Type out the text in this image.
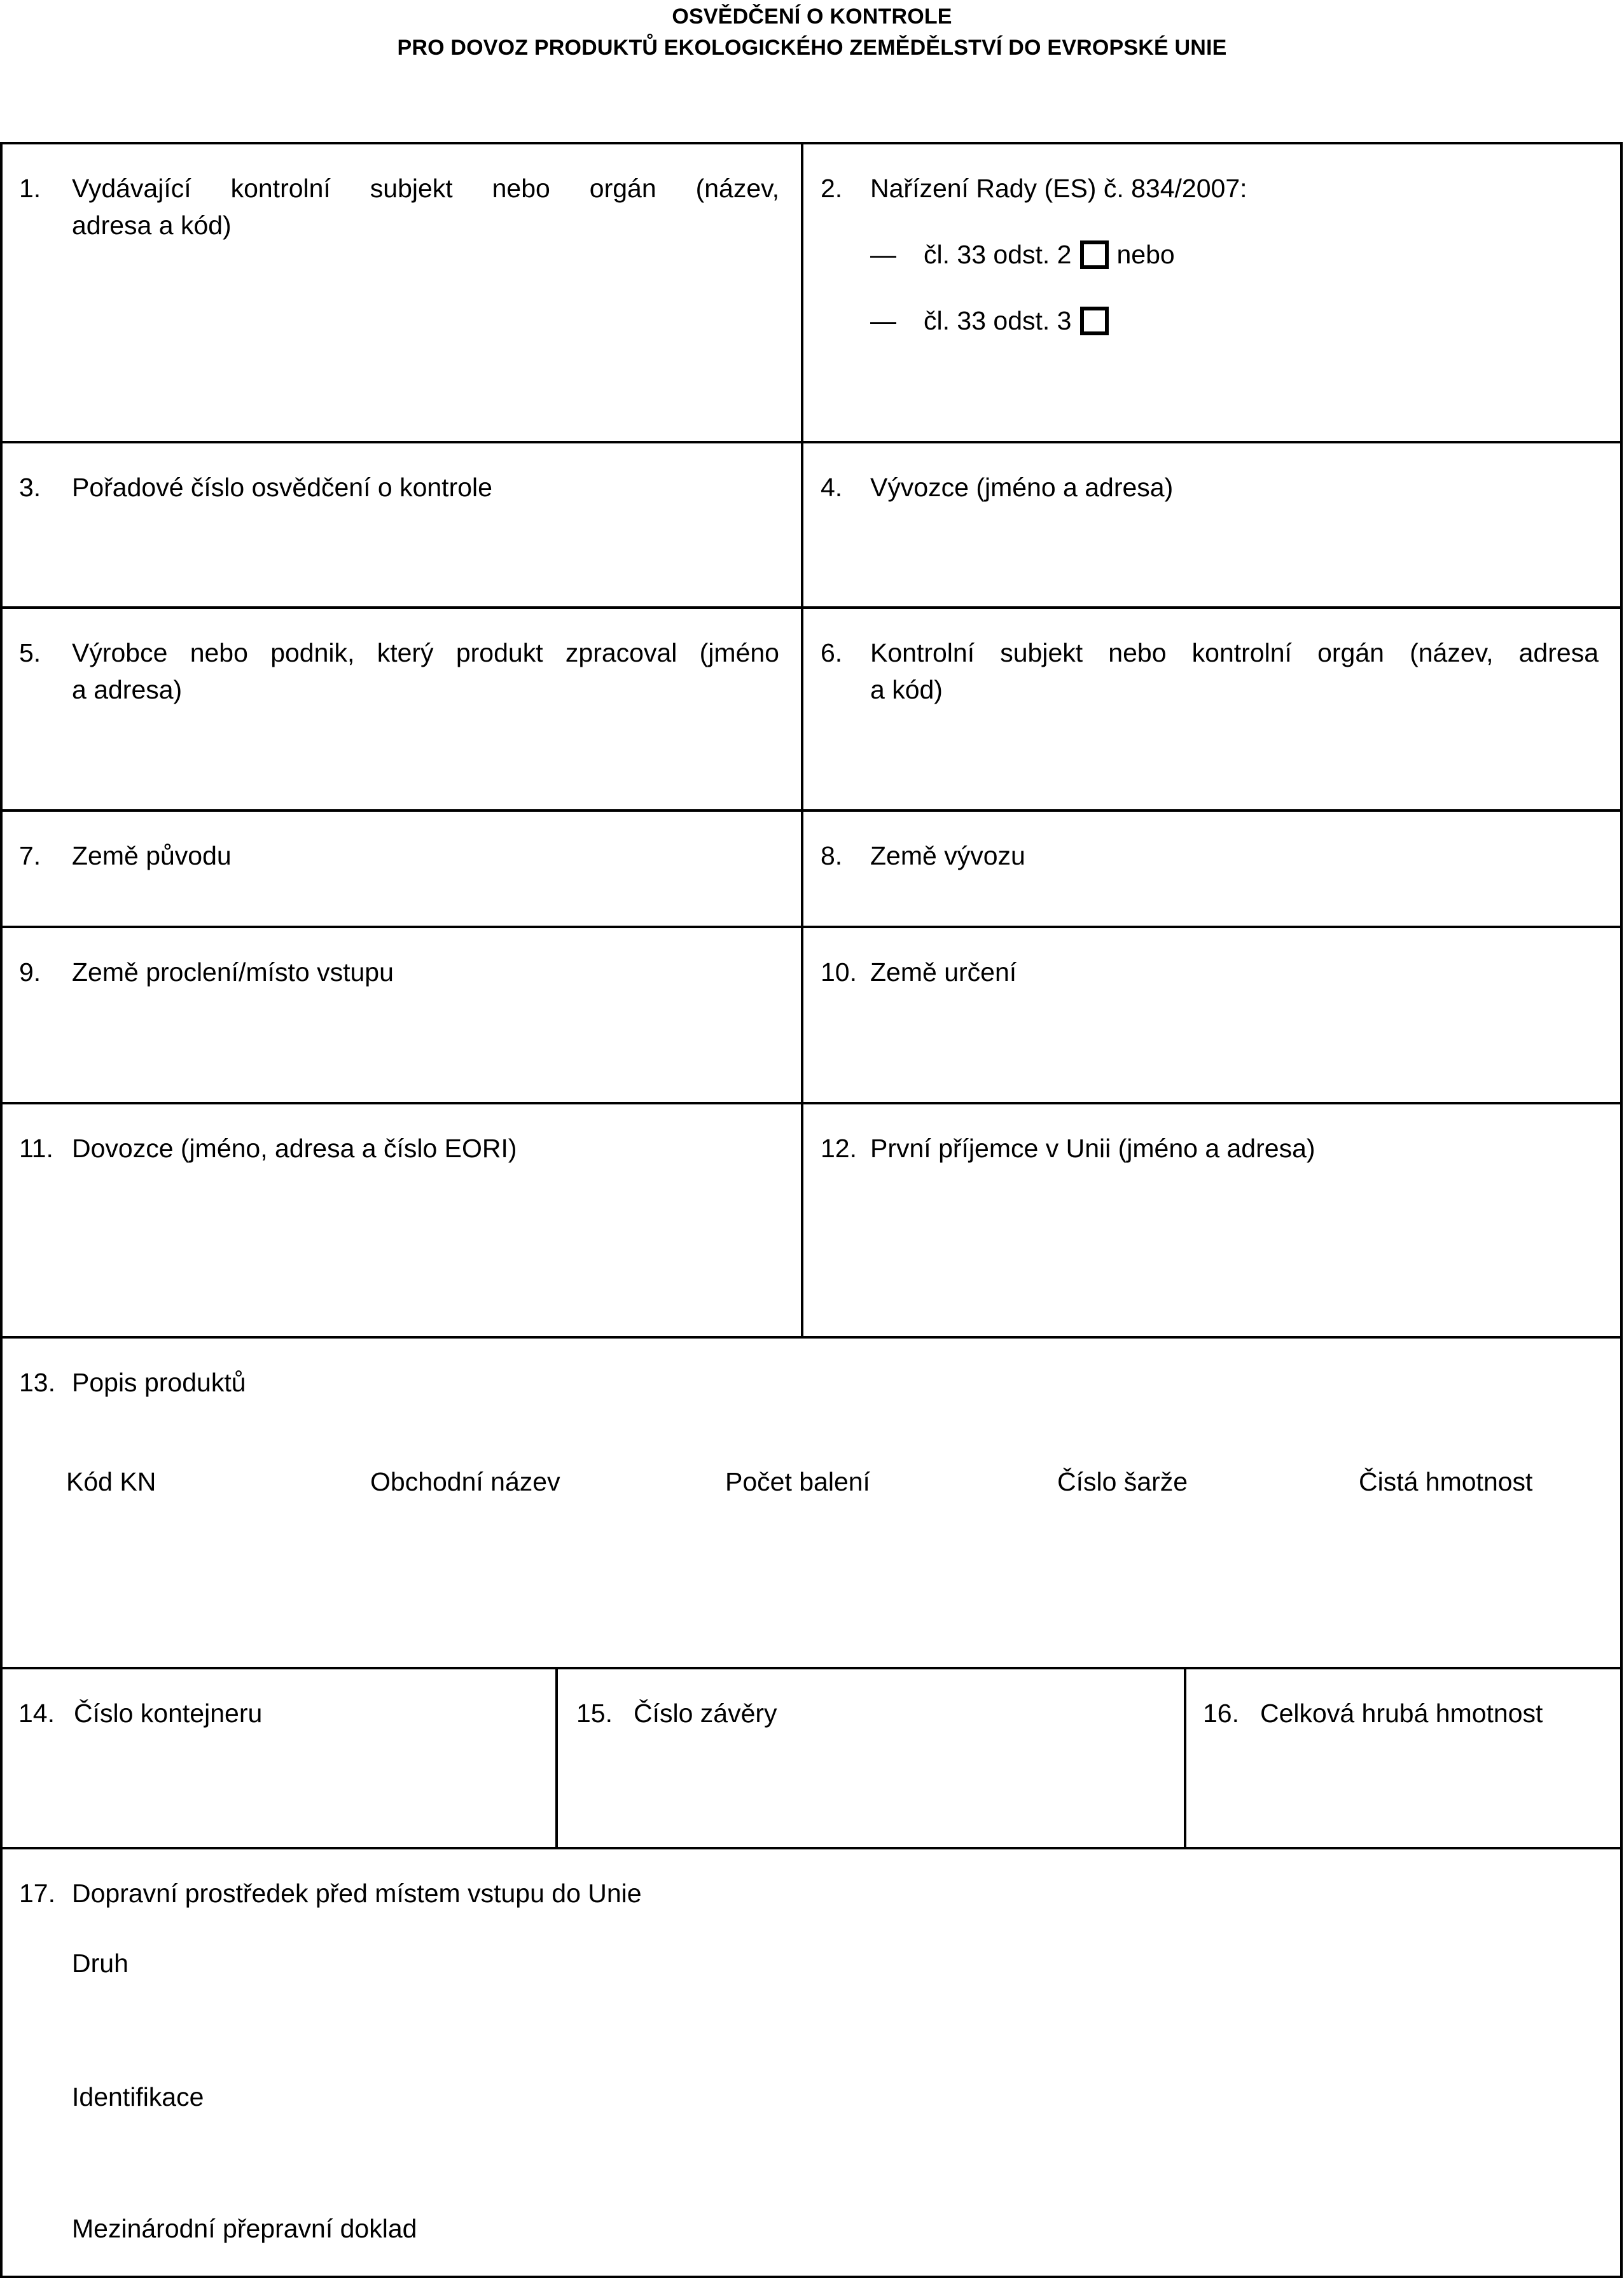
OSVĚDČENÍ O KONTROLE
PRO DOVOZ PRODUKTŮ EKOLOGICKÉHO ZEMĚDĚLSTVÍ DO EVROPSKÉ UNIE
1. Vydávající kontrolní subjekt nebo orgán (název,
adresa a kód)
2. Nařízení Rady (ES) č. 834/2007:
— čl. 33 odst. 2 nebo
— čl. 33 odst. 3
3. Pořadové číslo osvědčení o kontrole	4. Vývozce (jméno a adresa)
5. Výrobce nebo podnik, který produkt zpracoval (jméno
a adresa)
6. Kontrolní subjekt nebo kontrolní orgán (název, adresa
a kód)
7. Země původu	8. Země vývozu
9. Země proclení/místo vstupu	10. Země určení
11. Dovozce (jméno, adresa a číslo EORI)	12. První příjemce v Unii (jméno a adresa)
13. Popis produktů
Kód KN	Obchodní název	Počet balení	Číslo šarže	Čistá hmotnost
14. Číslo kontejneru	15. Číslo závěry	16. Celková hrubá hmotnost
17. Dopravní prostředek před místem vstupu do Unie
Druh
Identifikace
Mezinárodní přepravní doklad
